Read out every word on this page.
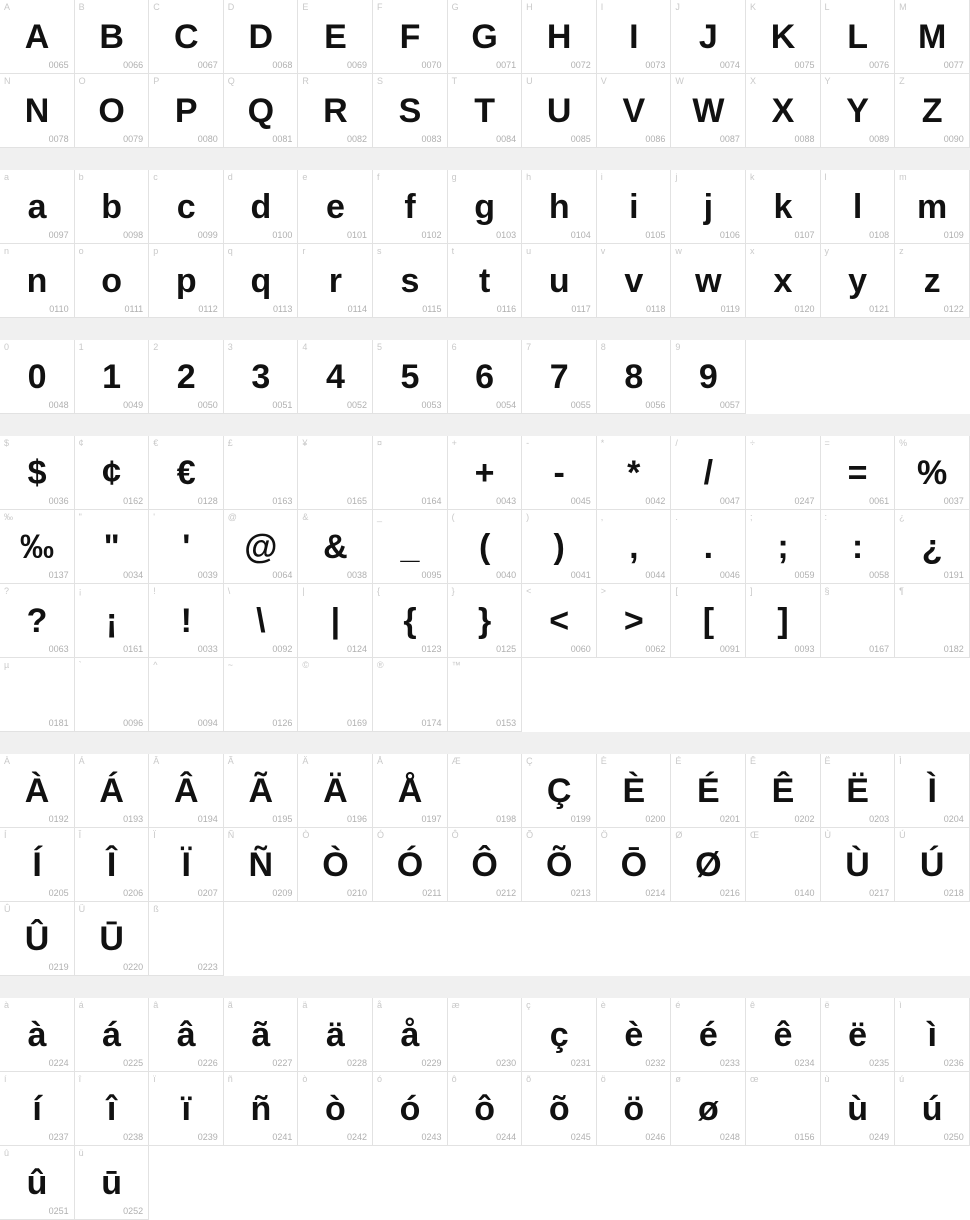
A
A
0065
B
B
0066
C
C
0067
D
D
0068
E
E
0069
F
F
0070
G
G
0071
H
H
0072
I
I
0073
J
J
0074
K
K
0075
L
L
0076
M
M
0077
N
N
0078
O
O
0079
P
P
0080
Q
Q
0081
R
R
0082
S
S
0083
T
T
0084
U
U
0085
V
V
0086
W
W
0087
X
X
0088
Y
Y
0089
Z
Z
0090
a
a
0097
b
b
0098
c
c
0099
d
d
0100
e
e
0101
f
f
0102
g
g
0103
h
h
0104
i
i
0105
j
j
0106
k
k
0107
l
l
0108
m
m
0109
n
n
0110
o
o
0111
p
p
0112
q
q
0113
r
r
0114
s
s
0115
t
t
0116
u
u
0117
v
v
0118
w
w
0119
x
x
0120
y
y
0121
z
z
0122
0
0
0048
1
1
0049
2
2
0050
3
3
0051
4
4
0052
5
5
0053
6
6
0054
7
7
0055
8
8
0056
9
9
0057
$
$
0036
¢
¢
0162
€
€
0128
£
0163
¥
0165
¤
0164
+
+
0043
-
-
0045
*
*
0042
/
/
0047
÷
0247
=
=
0061
%
%
0037
‰
‰
0137
"
"
0034
'
'
0039
@
@
0064
&
&
0038
_
_
0095
(
(
0040
)
)
0041
,
,
0044
.
.
0046
;
;
0059
:
:
0058
¿
¿
0191
?
?
0063
¡
¡
0161
!
!
0033
\
\
0092
|
|
0124
{
{
0123
}
}
0125
<
<
0060
>
>
0062
[
[
0091
]
]
0093
§
0167
¶
0182
µ
0181
`
0096
^
0094
~
0126
©
0169
®
0174
™
0153
À
À
0192
Á
Á
0193
Â
Â
0194
Ã
Ã
0195
Ä
Ä
0196
Å
Å
0197
Æ
0198
Ç
Ç
0199
È
È
0200
É
É
0201
Ê
Ê
0202
Ë
Ë
0203
Ì
Ì
0204
Í
Í
0205
Î
Î
0206
Ï
Ï
0207
Ñ
Ñ
0209
Ò
Ò
0210
Ó
Ó
0211
Ô
Ô
0212
Õ
Õ
0213
Ö
Ō
0214
Ø
Ø
0216
Œ
0140
Ù
Ù
0217
Ú
Ú
0218
Û
Û
0219
Ü
Ū
0220
ß
0223
à
à
0224
á
á
0225
â
â
0226
ã
ã
0227
ä
ä
0228
å
å
0229
æ
0230
ç
ç
0231
è
è
0232
é
é
0233
ê
ê
0234
ë
ë
0235
ì
ì
0236
í
í
0237
î
î
0238
ï
ï
0239
ñ
ñ
0241
ò
ò
0242
ó
ó
0243
ô
ô
0244
õ
õ
0245
ö
ö
0246
ø
ø
0248
œ
0156
ù
ù
0249
ú
ú
0250
û
û
0251
ü
ū
0252
